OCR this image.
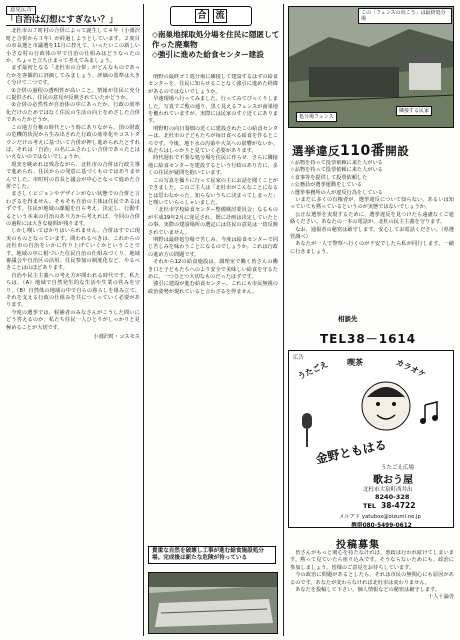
意見広告
「自治は幻想にすぎない？」

北杜市の７町村の合併によって誕生して４年（小淵沢町と合併から３年）が経過しようとしています。２度目の市長選と市議選を11月に控えて、いったいこの新しい小さな村の行政体の中で自治の仕組みはどうなったのか、ちょっと立ち止まって考えてみましょう。

まず最初となる「北杜市の合併」がどんなものであったかを客観的に評価してみましょう。評価の基準は大きく分けて二つです。

①合併の過程の透明性が高いこと。情報が住民に充分に提供され、住民の意見が反映されていたかどうか。

②合併の必然性が自治体の中にあったか。行政の効率化だけのためではなく住民の生活の向上をめざした合併であったかどうか。

この地方分権の時代という時にありながら、国の財政の危機的状況から生み出された行政の効率化やコストダウンだけの考えに基づいて合併が押し進められたとすれば、それは「自治」の名にふさわしい合併であったとはいえないのではないでしょうか。

現実を眺めれば残念ながら、北杜市の合併は行政主導で進められ、住民からの発意に基づくものではありませんでした。市町村の首長と議会が中心となって進めた合併でした。

まさしくビジョンやデザインがない状態での合併と言わざるを得ません。そもそも自治の主体は住民であるはずです。住民が地域の課題を自ら考え、決定し、行動するという本来の自治のあり方から考えれば、今回の合併の過程には大きな疑問が残ります。

しかし嘆いてばかりはいられません。合併はすでに現実のものとなっています。問われるべきは、これからの北杜市の自治をいかに作り上げていくかということです。地域の中に根づいた住民自治の仕組みづくり、地域審議会や自治区の活用、住民参加の制度化など、やるべきことは山ほどあります。

自治や民主主義への考え方が問われる時代です。私たちは、（A）地域で自然発生的な生活や生業の営みを守り、（B）自然体の地域の中で自らの暮らしを組み立て、それを支える行政の仕組みを共につくっていく必要があります。

今度の選挙では、候補者のみなさんがこうした問いにどう答えるのか、私たち住民一人ひとりがしっかりと見極めることが大切です。

小淵沢町・コスモス
合 流
◇南巣地採取処分場を住民に隠匿して作った廃棄物
◇強引に進めた給食センター建設

明野の最終ゴミ処分場に隣接して建設するはずの給食センターを、住民に知らせることなく強引に進めた経緯があるのではないでしょうか。

早速現場へ行ってみました。行ってみてびっくりしました。写真でご覧の通り、黒く見えるフェンスが南巣地を覆われていますが、実際には民家のすぐ近くにあります。

明野町の向日葵畑の近くに建設されたこの給食センターは、北杜市の子どもたちが毎日食べる給食を作るところです。今後、地下水の汚染や大気への影響がないか、私たちはしっかりと見ていく必要があります。

時代遅れで不要な処分場を住民に作らせ、さらに隣接地に給食センターを建設するという行政のあり方に、多くの住民が疑問を抱いています。

この写真を撮りに行って民家の主にお話を聞くことができました。このご主人は「北杜市がこんなことになるとは思わなかった。知らないうちに決まってしまった」と嘆いていらっしゃいました。

「北杜市学校給食センター整備検討委員会」なるものが平成19年2月に発足され、既に計画は決定していたとの事。実際の建設場所の選定には住民の意見は一切反映されていません。

明野は最終処分場で苦しみ、今度は給食センターで同じ苦しみを味わうことになるのでしょうか。これは行政の進め方の問題です。

それから12の給食施設は、調理室で働く皆さんの働き口と子どもたちへのより安全で美味しい給食を守るために、一つひとつ大切なものだったはずです。

強引に建設が進む給食センター。これにも市民無視の政治姿勢が現れていると言わざるを得ません。

この「フェンスの向こう」は最終処分場
処分場フェンス
隣接する民家
選挙違反110番開設
☆品物を持って投票依頼に来た人がいる
☆品物を持って投票依頼に来た人がいる
☆食事等を提供して投票依頼した
☆公務員が選挙運動をしている
☆選挙事務所の人が違反行為をしている

いまだに多くの有権者が、選挙違反について知らない、あるいは知っていても黙っているというのが実態ではないでしょうか。

公正な選挙を実現するために、選挙違反を見つけたら遠慮なくご連絡ください。あなたの一本の電話が、北杜の民主主義を守ります。

なお、通報者の秘密は厳守します。安心してお電話ください。（県選管調べ）

あなたが一人で警察へ行くのが不安でしたら私が同行します。一緒に行きましょう。

相談先
TEL38－1614
広告
うたごえ 喫茶	カラオケ
金野ともはる
うたごえ広場
歌おう屋
北杜市大泉町西井出
8240-328
TEL 38-4722
メルアド yatubox@oizumi.ne.jp
携帯080-5499-0612
投稿募集

皆さんがもっと関心を持たなければ、悪政は行われ続けてしまいます。黙って見ていたら座り込みです。そうならないためにも、政治に参加しましょう。皆様のご意見をお待ちしています。

今の政治に問題があるとしたら、それは市民の無関心にも原因があるのです。あなたが変わらなければ北杜市は変わりません。

あなたを投稿して下さい。個人情報などの秘密は厳守します。

十人十論舎
貴重な自然を破壊し工事が進む給食施設処分場。完成後は新たな危険が待っている
